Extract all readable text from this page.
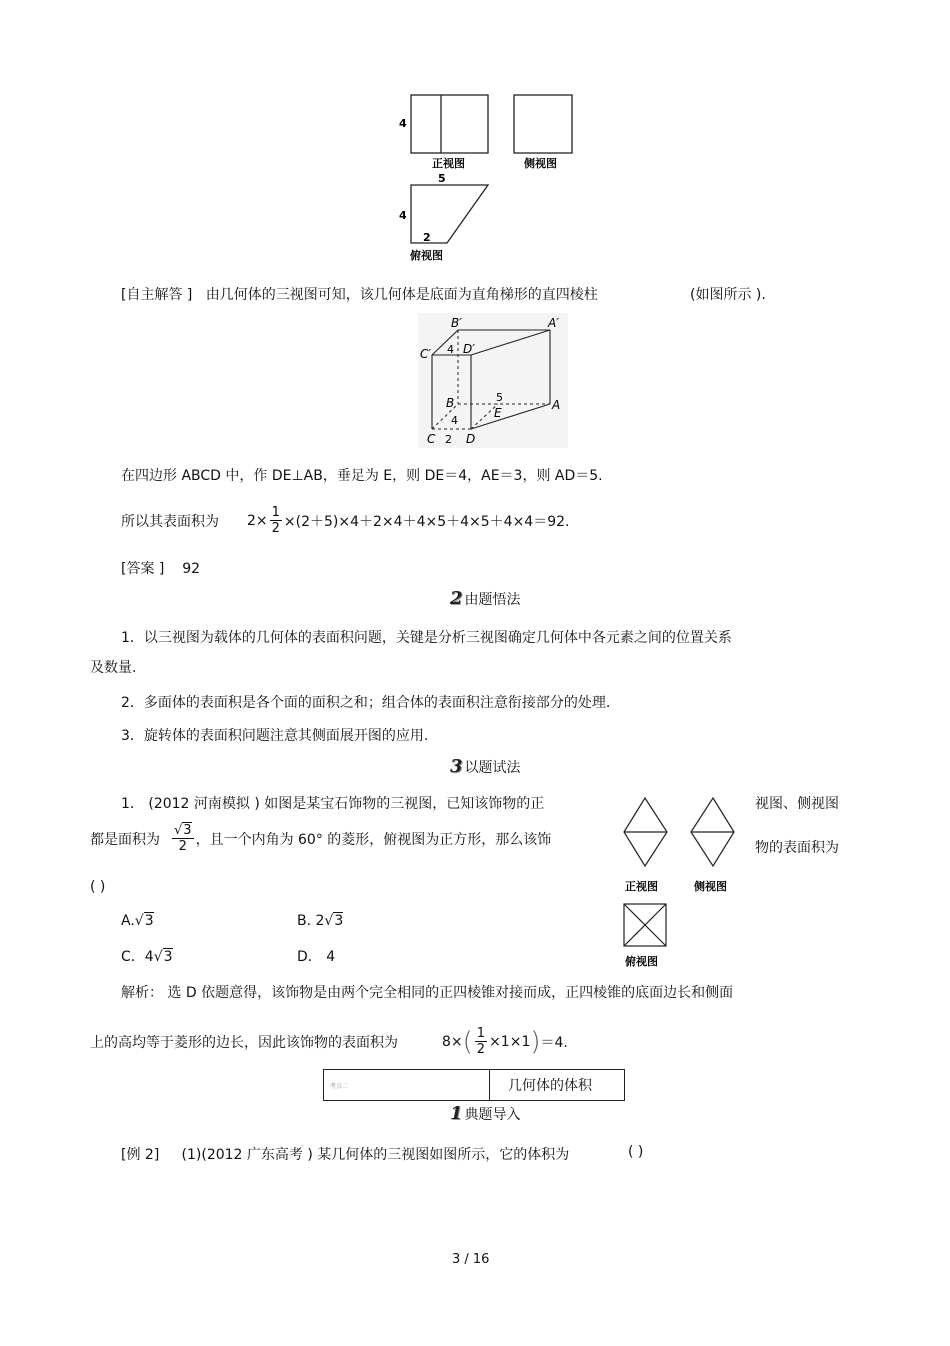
4
正视图	侧视图
5
4
2
俯视图
[自主解答 ] 由几何体的三视图可知，该几何体是底面为直角梯形的直四棱柱	(如图所示 ).
B′	A′
C′	D′
4
5
B	A
E
4
C 2 D
在四边形 ABCD 中，作 DE⊥AB，垂足为 E，则 DE＝4，AE＝3，则 AD＝5.
所以其表面积为 $2\times \frac{1}{2} \times(2+5)\times 4+2\times 4+4\times 5+4\times 5+4\times 4=92$.
[答案 ] 92
2 由题悟法
1．以三视图为载体的几何体的表面积问题，关键是分析三视图确定几何体中各元素之间的位置关系
及数量.
2．多面体的表面积是各个面的面积之和；组合体的表面积注意衔接部分的处理.
3．旋转体的表面积问题注意其侧面展开图的应用.
3 以题试法
1． (2012 河南模拟 ) 如图是某宝石饰物的三视图，已知该饰物的正	视图、侧视图
都是面积为 $\frac{√3}{2}$ ，且一个内角为 60° 的菱形，俯视图为正方形，那么该饰
物的表面积为
( )
A.√3	B. 2√3
C．4√3	D． 4
正视图	侧视图
俯视图
解析： 选 D 依题意得，该饰物是由两个完全相同的正四棱锥对接而成，正四棱锥的底面边长和侧面
上的高均等于菱形的边长，因此该饰物的表面积为	8× ( $\frac{1}{2} \times 1\times 1$ ) ＝4.
考点二	几何体的体积
1 典题导入
[例 2] (1)(2012 广东高考 ) 某几何体的三视图如图所示，它的体积为	( )
3 / 16
